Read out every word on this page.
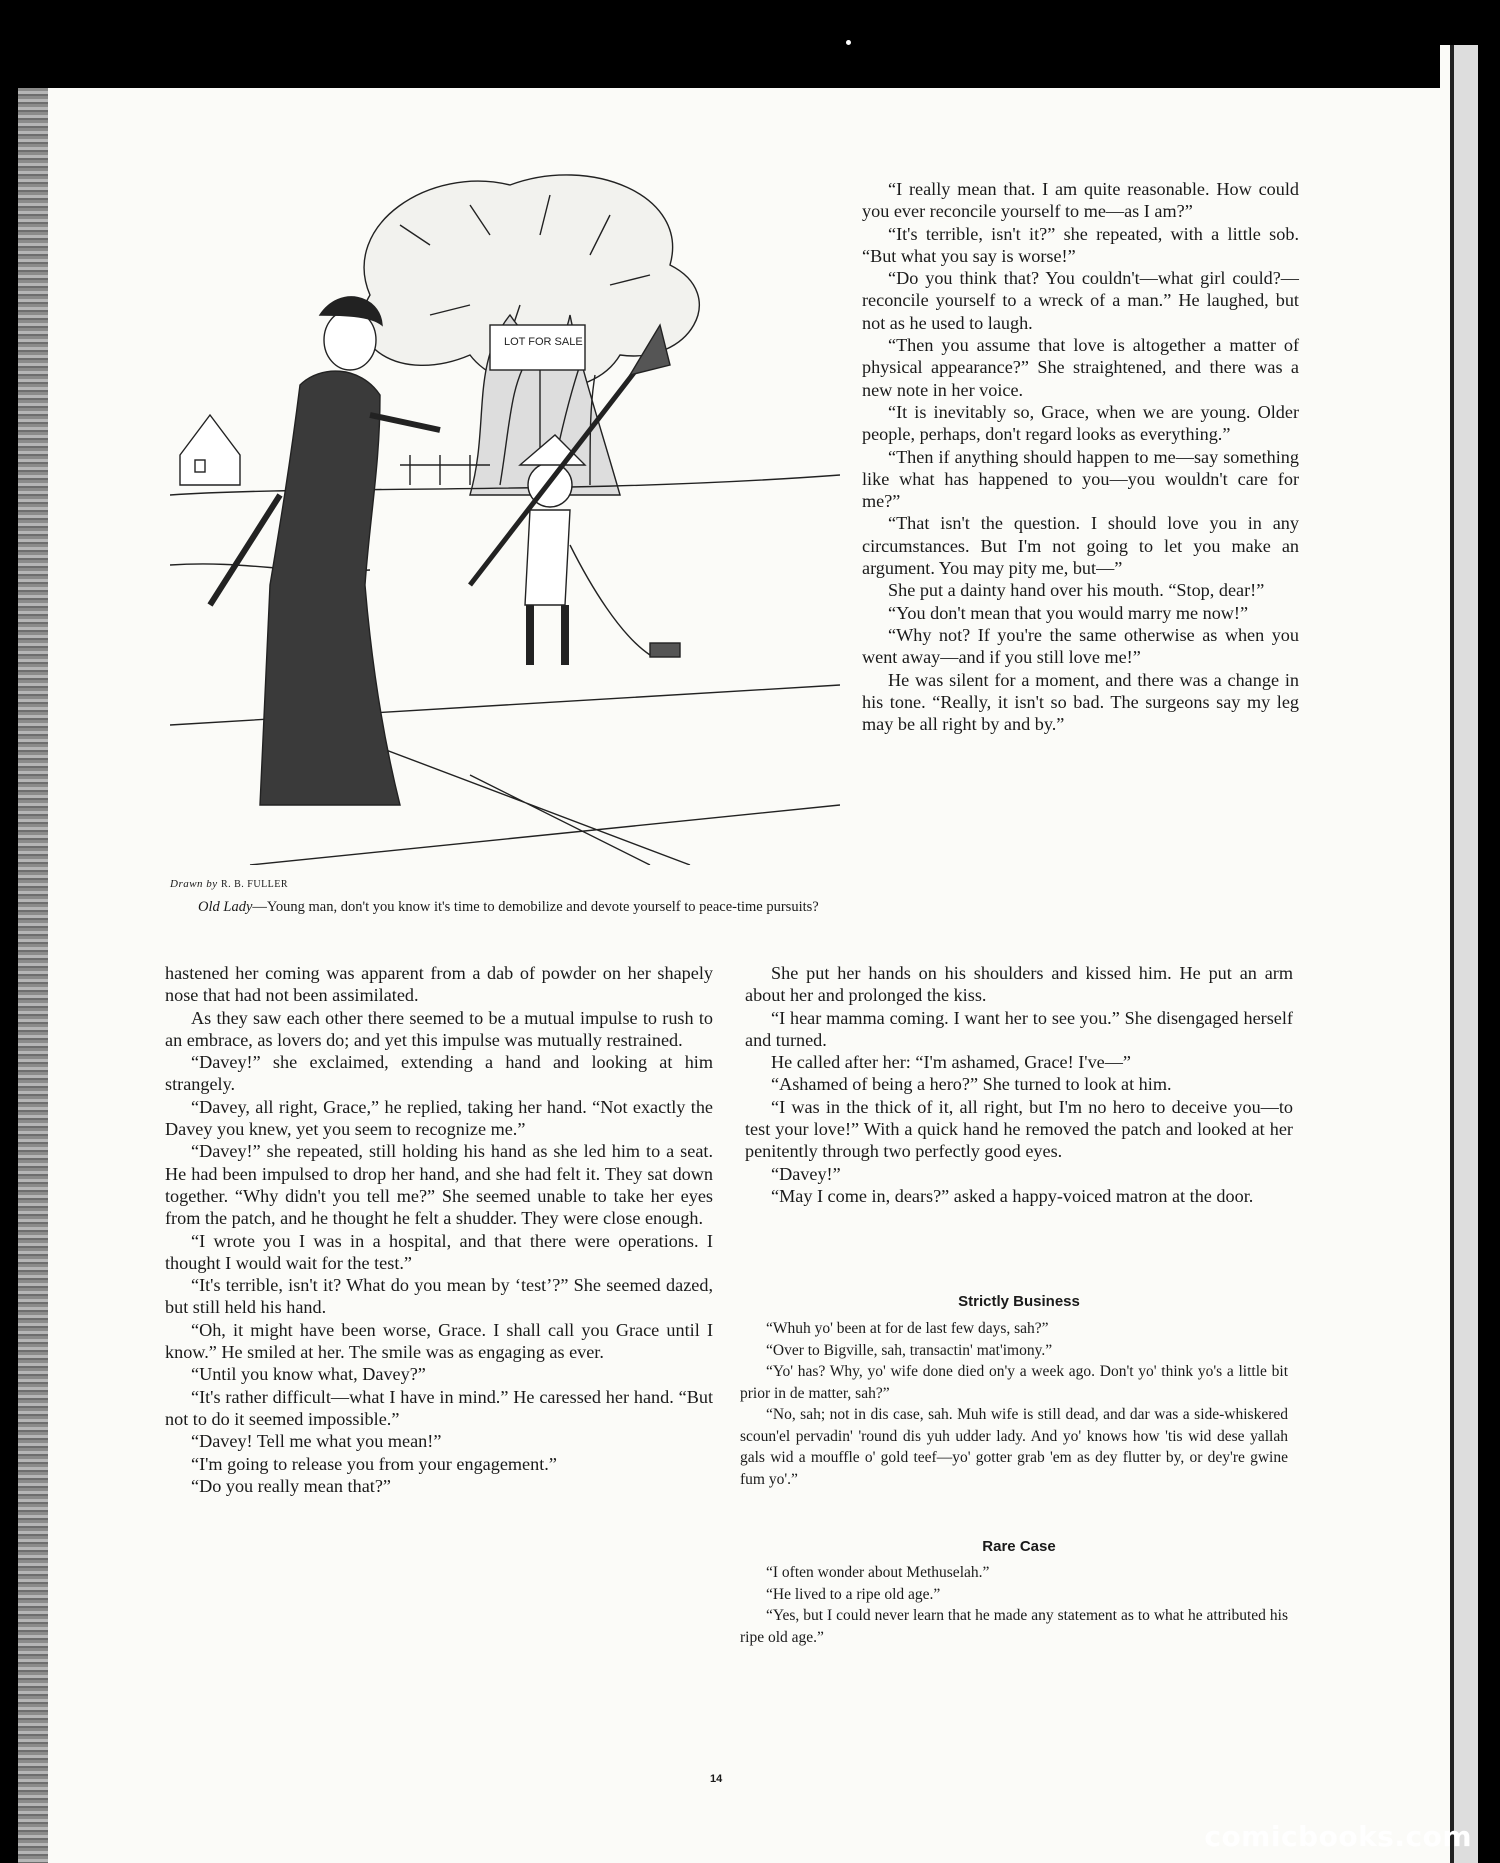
LOT FOR SALE
Drawn by R. B. FULLER
Old Lady—Young man, don't you know it's time to demobilize and devote yourself to peace-time pursuits?

“I really mean that. I am quite reasonable. How could you ever reconcile yourself to me—as I am?”

“It's terrible, isn't it?” she repeated, with a little sob. “But what you say is worse!”

“Do you think that? You couldn't—what girl could?—reconcile yourself to a wreck of a man.” He laughed, but not as he used to laugh.

“Then you assume that love is altogether a matter of physical appearance?” She straightened, and there was a new note in her voice.

“It is inevitably so, Grace, when we are young. Older people, perhaps, don't regard looks as everything.”

“Then if anything should happen to me—say something like what has happened to you—you wouldn't care for me?”

“That isn't the question. I should love you in any circumstances. But I'm not going to let you make an argument. You may pity me, but—”

She put a dainty hand over his mouth. “Stop, dear!”

“You don't mean that you would marry me now!”

“Why not? If you're the same otherwise as when you went away—and if you still love me!”

He was silent for a moment, and there was a change in his tone. “Really, it isn't so bad. The surgeons say my leg may be all right by and by.”

hastened her coming was apparent from a dab of powder on her shapely nose that had not been assimilated.

As they saw each other there seemed to be a mutual impulse to rush to an embrace, as lovers do; and yet this impulse was mutually restrained.

“Davey!” she exclaimed, extending a hand and looking at him strangely.

“Davey, all right, Grace,” he replied, taking her hand. “Not exactly the Davey you knew, yet you seem to recognize me.”

“Davey!” she repeated, still holding his hand as she led him to a seat. He had been impulsed to drop her hand, and she had felt it. They sat down together. “Why didn't you tell me?” She seemed unable to take her eyes from the patch, and he thought he felt a shudder. They were close enough.

“I wrote you I was in a hospital, and that there were operations. I thought I would wait for the test.”

“It's terrible, isn't it? What do you mean by ‘test’?” She seemed dazed, but still held his hand.

“Oh, it might have been worse, Grace. I shall call you Grace until I know.” He smiled at her. The smile was as engaging as ever.

“Until you know what, Davey?”

“It's rather difficult—what I have in mind.” He caressed her hand. “But not to do it seemed impossible.”

“Davey! Tell me what you mean!”

“I'm going to release you from your engagement.”

“Do you really mean that?”

She put her hands on his shoulders and kissed him. He put an arm about her and prolonged the kiss.

“I hear mamma coming. I want her to see you.” She disengaged herself and turned.

He called after her: “I'm ashamed, Grace! I've—”

“Ashamed of being a hero?” She turned to look at him.

“I was in the thick of it, all right, but I'm no hero to deceive you—to test your love!” With a quick hand he removed the patch and looked at her penitently through two perfectly good eyes.

“Davey!”

“May I come in, dears?” asked a happy-voiced matron at the door.

Strictly Business

“Whuh yo' been at for de last few days, sah?”

“Over to Bigville, sah, transactin' mat'imony.”

“Yo' has? Why, yo' wife done died on'y a week ago. Don't yo' think yo's a little bit prior in de matter, sah?”

“No, sah; not in dis case, sah. Muh wife is still dead, and dar was a side-whiskered scoun'el pervadin' 'round dis yuh udder lady. And yo' knows how 'tis wid dese yallah gals wid a mouffle o' gold teef—yo' gotter grab 'em as dey flutter by, or dey're gwine fum yo'.”

Rare Case

“I often wonder about Methuselah.”

“He lived to a ripe old age.”

“Yes, but I could never learn that he made any statement as to what he attributed his ripe old age.”

14
comicbooks.com
